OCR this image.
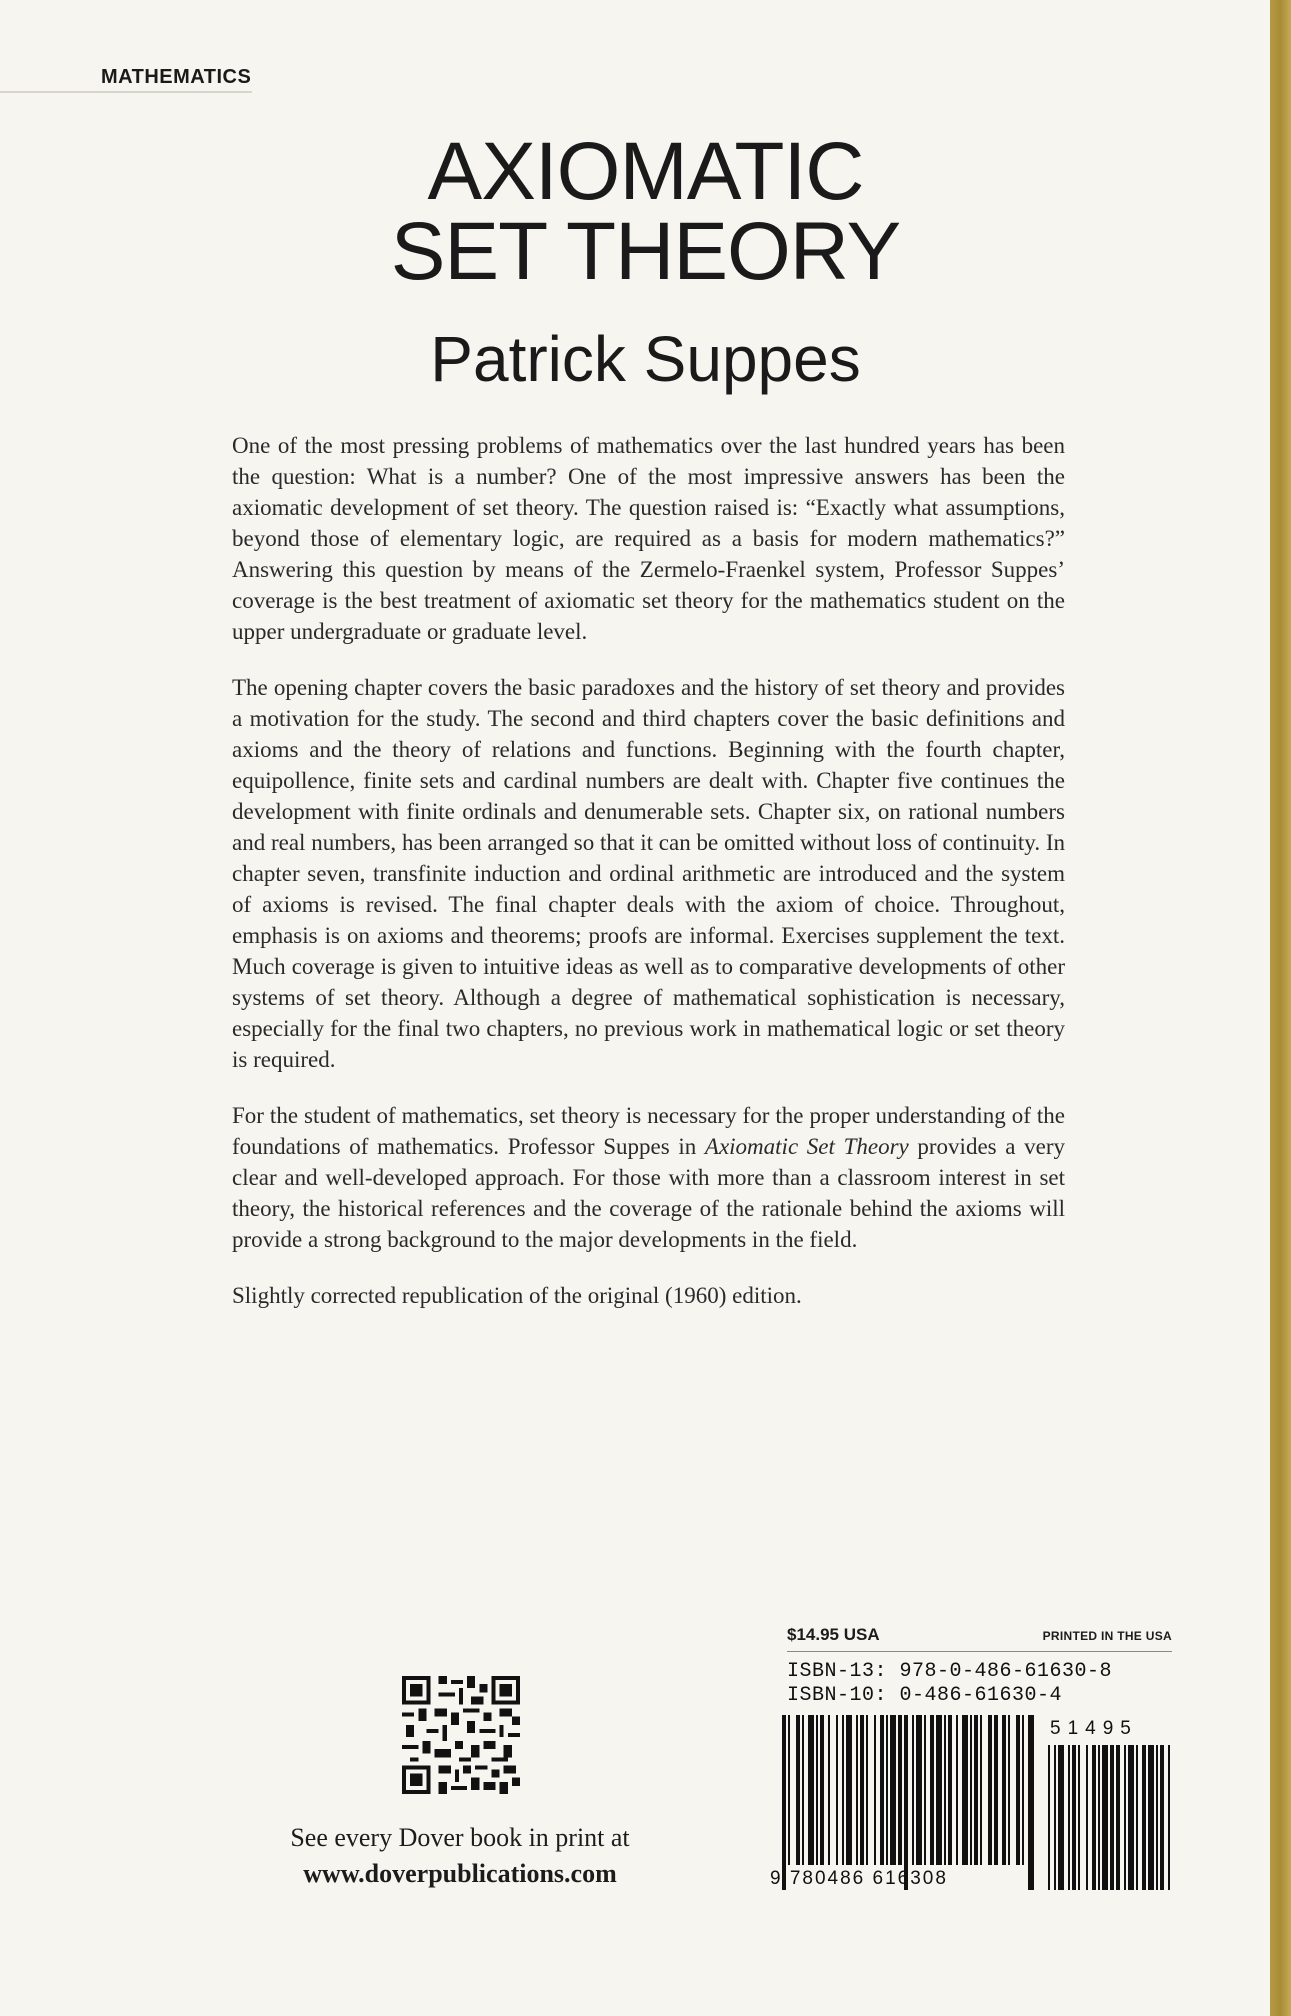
MATHEMATICS
AXIOMATIC
SET THEORY
Patrick Suppes

One of the most pressing problems of mathematics over the last hundred years has been the question: What is a number? One of the most impressive answers has been the axiomatic development of set theory. The question raised is: “Exactly what assumptions, beyond those of elementary logic, are required as a basis for modern mathematics?” Answering this question by means of the Zermelo-Fraenkel system, Professor Suppes’ coverage is the best treatment of axiomatic set theory for the mathematics student on the upper undergraduate or graduate level.

The opening chapter covers the basic paradoxes and the history of set theory and provides a motivation for the study. The second and third chapters cover the basic definitions and axioms and the theory of relations and functions. Beginning with the fourth chapter, equipollence, finite sets and cardinal numbers are dealt with. Chapter five continues the development with finite ordinals and denumerable sets. Chapter six, on rational numbers and real numbers, has been arranged so that it can be omitted without loss of continuity. In chapter seven, transfinite induction and ordinal arithmetic are introduced and the system of axioms is revised. The final chapter deals with the axiom of choice. Throughout, emphasis is on axioms and theorems; proofs are informal. Exercises supplement the text. Much coverage is given to intuitive ideas as well as to comparative developments of other systems of set theory. Although a degree of mathematical sophistication is necessary, especially for the final two chapters, no previous work in mathematical logic or set theory is required.

For the student of mathematics, set theory is necessary for the proper understanding of the foundations of mathematics. Professor Suppes in Axiomatic Set Theory provides a very clear and well-developed approach. For those with more than a classroom interest in set theory, the historical references and the coverage of the rationale behind the axioms will provide a strong background to the major developments in the field.

Slightly corrected republication of the original (1960) edition.

See every Dover book in print at
www.doverpublications.com
$14.95 USA	PRINTED IN THE USA
ISBN-13: 978-0-486-61630-8
ISBN-10: 0-486-61630-4
9 780486 616308
51495
